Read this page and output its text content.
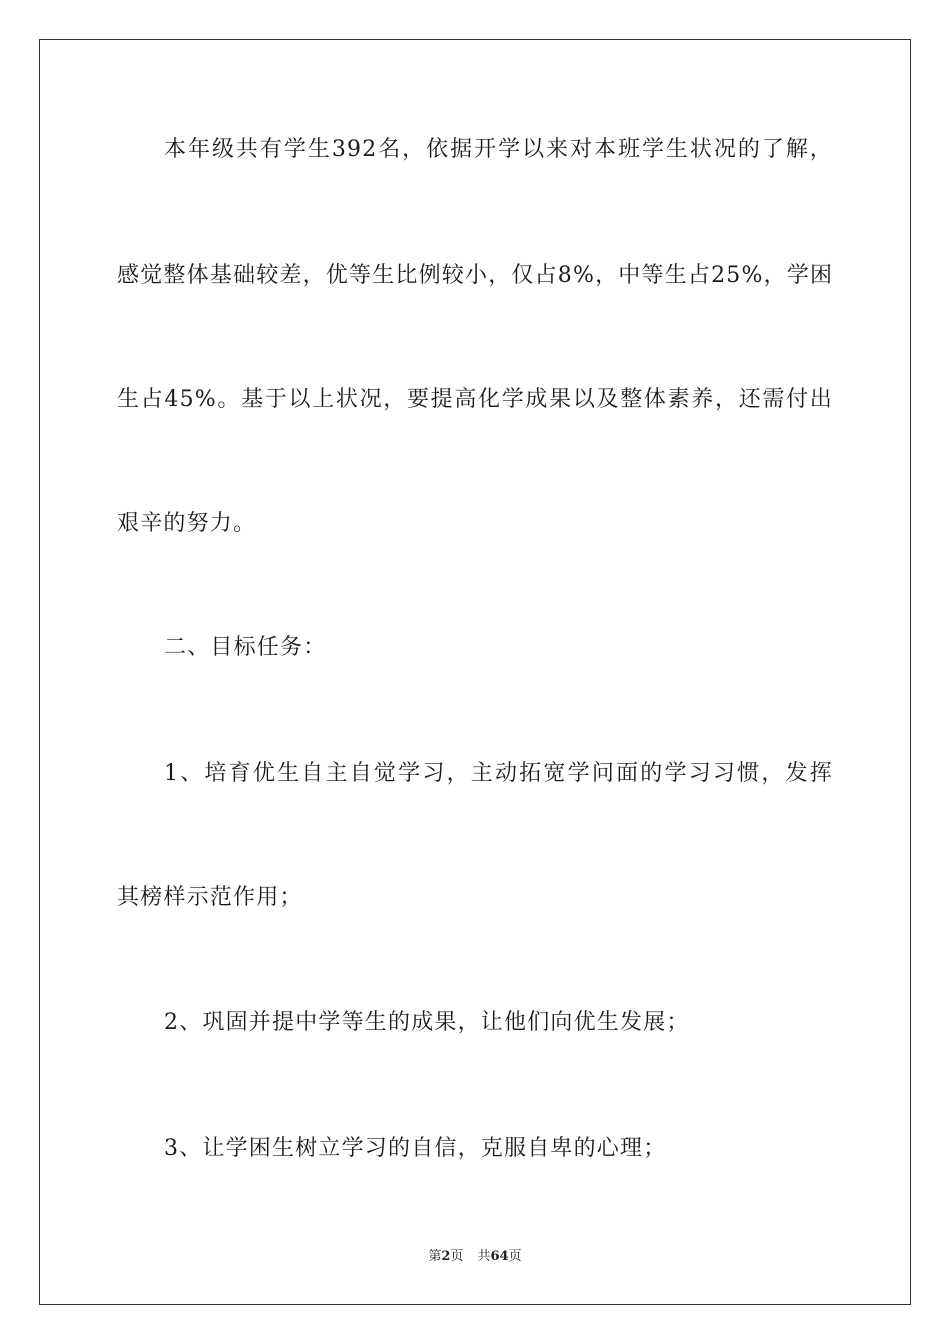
本年级共有学生392名，依据开学以来对本班学生状况的了解，
感觉整体基础较差，优等生比例较小，仅占8%，中等生占25%，学困
生占45%。基于以上状况，要提高化学成果以及整体素养，还需付出
艰辛的努力。
二、目标任务：
1、培育优生自主自觉学习，主动拓宽学问面的学习习惯，发挥
其榜样示范作用；
2、巩固并提中学等生的成果，让他们向优生发展；
3、让学困生树立学习的自信，克服自卑的心理；
第2页 共64页
